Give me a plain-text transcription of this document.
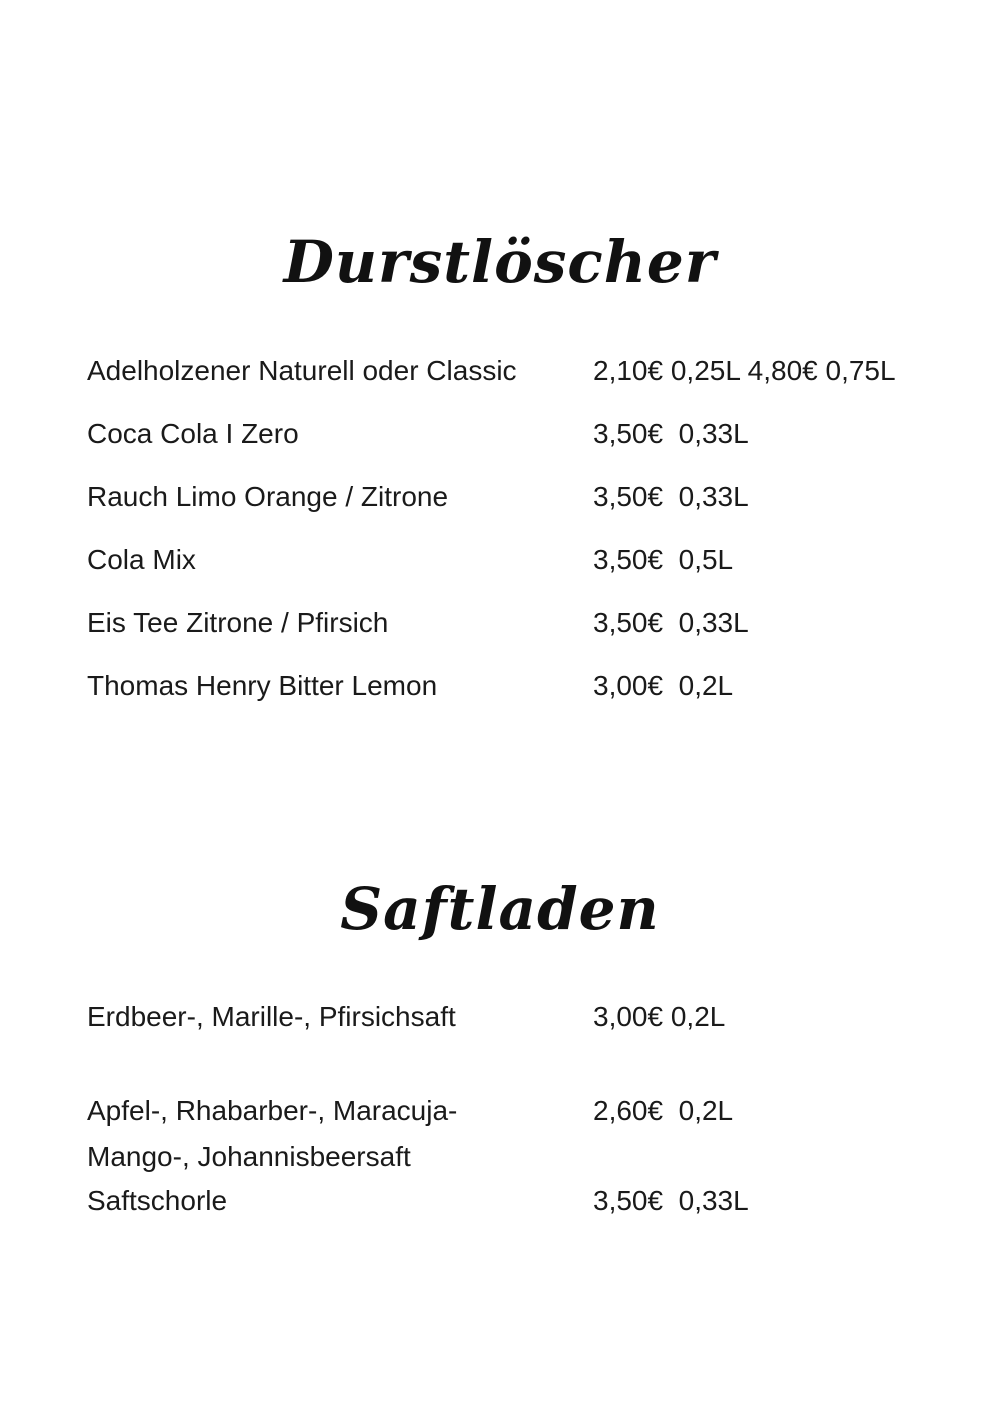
Durstlöscher
Adelholzener Naturell oder Classic	2,10€ 0,25L 4,80€ 0,75L
Coca Cola I Zero	3,50€  0,33L
Rauch Limo Orange / Zitrone	3,50€  0,33L
Cola Mix	3,50€  0,5L
Eis Tee Zitrone / Pfirsich	3,50€  0,33L
Thomas Henry Bitter Lemon	3,00€  0,2L
Saftladen
Erdbeer-, Marille-, Pfirsichsaft	3,00€ 0,2L
Apfel-, Rhabarber-, Maracuja-	2,60€  0,2L
Mango-, Johannisbeersaft
Saftschorle	3,50€  0,33L
